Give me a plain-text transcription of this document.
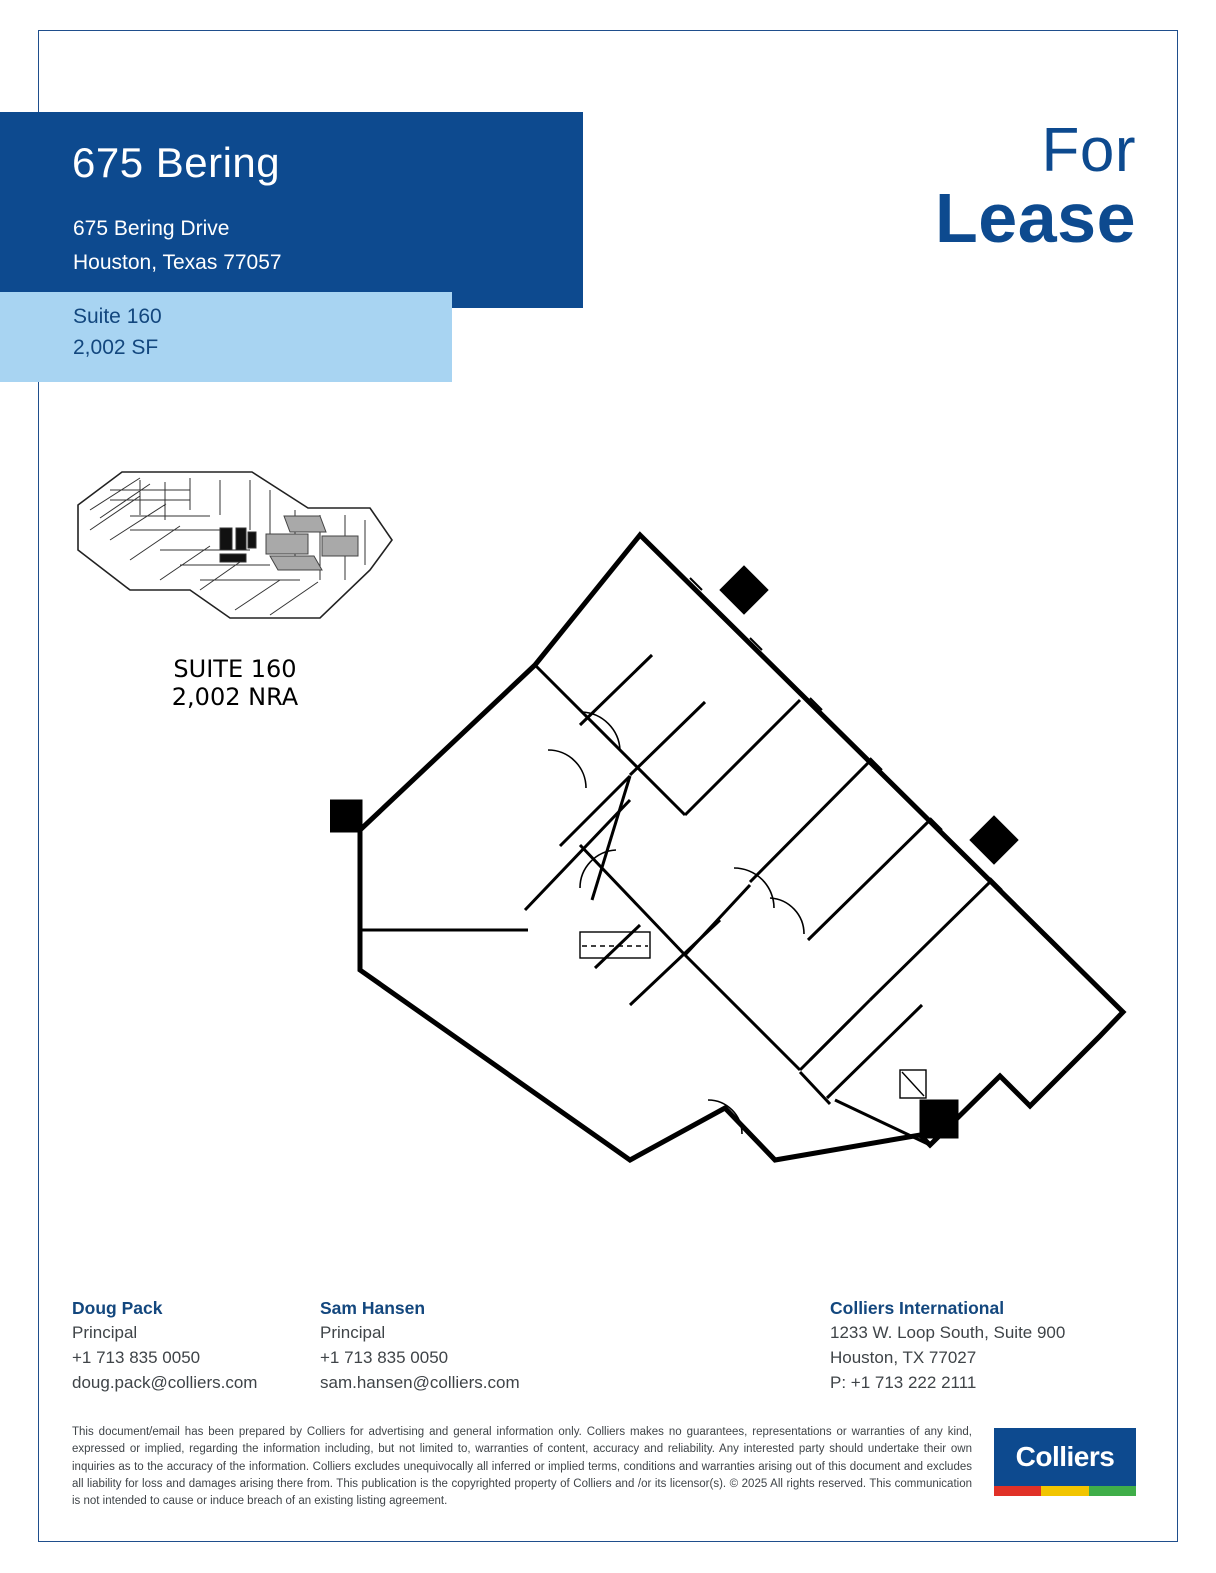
675 Bering
675 Bering Drive
Houston, Texas 77057
Suite 160
2,002 SF
For
Lease
SUITE 160
2,002 NRA
Doug Pack
Principal
+1 713 835 0050
doug.pack@colliers.com
Sam Hansen
Principal
+1 713 835 0050
sam.hansen@colliers.com
Colliers International
1233 W. Loop South, Suite 900
Houston, TX 77027
P: +1 713 222 2111
This document/email has been prepared by Colliers for advertising and general information only. Colliers makes no guarantees, representations or warranties of any kind, expressed or implied, regarding the information including, but not limited to, warranties of content, accuracy and reliability. Any interested party should undertake their own inquiries as to the accuracy of the information. Colliers excludes unequivocally all inferred or implied terms, conditions and warranties arising out of this document and excludes all liability for loss and damages arising there from. This publication is the copyrighted property of Colliers and /or its licensor(s). © 2025 All rights reserved. This communication is not intended to cause or induce breach of an existing listing agreement.
Colliers
